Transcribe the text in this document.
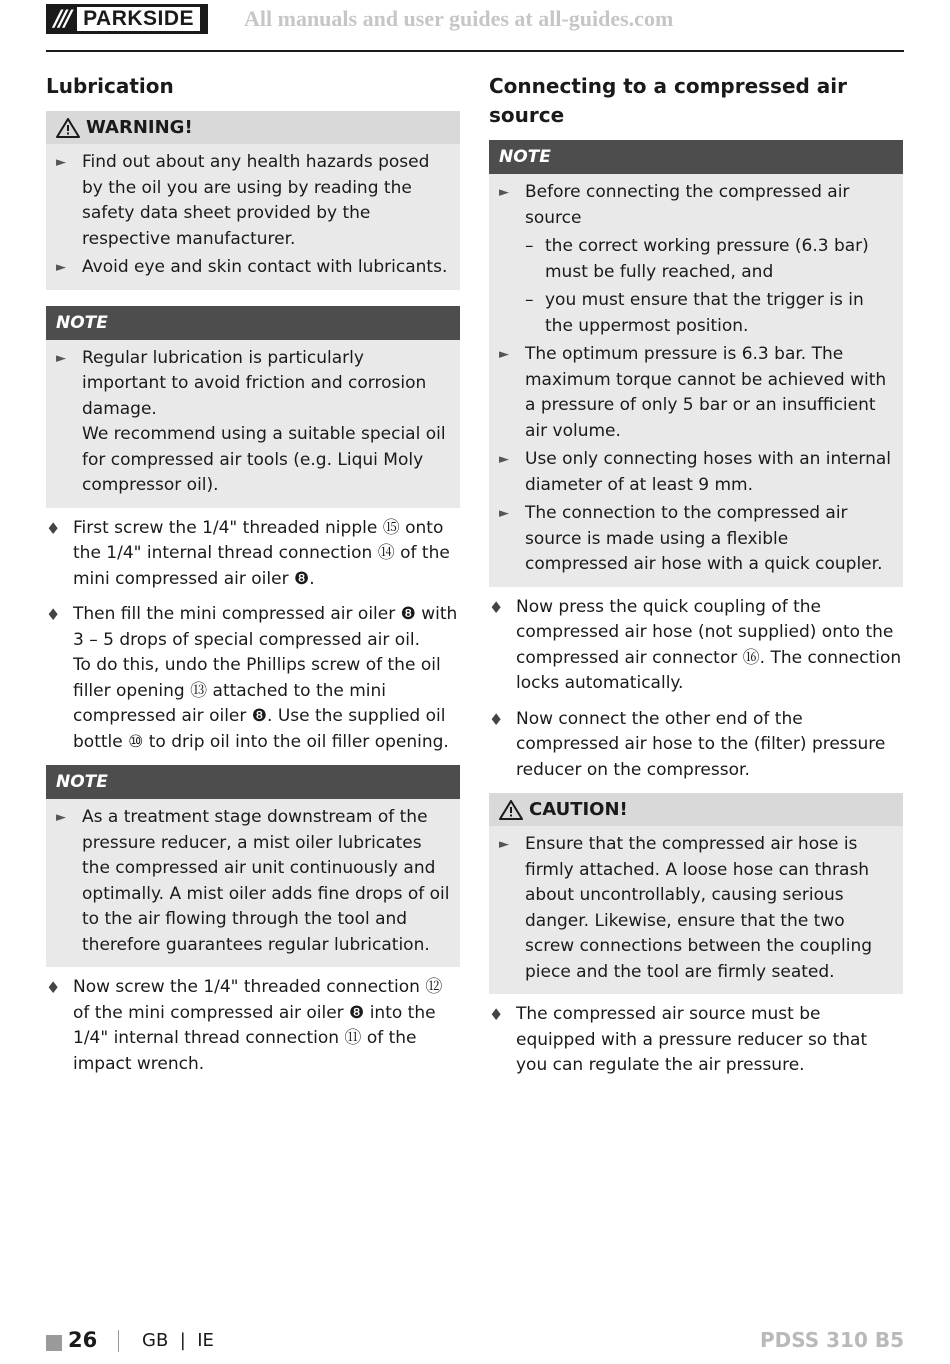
/// PARKSIDE All manuals and user guides at all-guides.com
Lubrication
WARNING!
► Find out about any health hazards posed by the oil you are using by reading the safety data sheet provided by the respective manufacturer.
► Avoid eye and skin contact with lubricants.
NOTE
► Regular lubrication is particularly important to avoid friction and corrosion damage.
We recommend using a suitable special oil for compressed air tools (e.g. Liqui Moly compressor oil).
♦ First screw the 1/4" threaded nipple ⑮ onto the 1/4" internal thread connection ⑭ of the mini compressed air oiler ❽.
♦ Then fill the mini compressed air oiler ❽ with 3 – 5 drops of special compressed air oil.
To do this, undo the Phillips screw of the oil filler opening ⑬ attached to the mini compressed air oiler ❽. Use the supplied oil bottle ⑩ to drip oil into the oil filler opening.
NOTE
► As a treatment stage downstream of the pressure reducer, a mist oiler lubricates the compressed air unit continuously and optimally. A mist oiler adds fine drops of oil to the air flowing through the tool and therefore guarantees regular lubrication.
♦ Now screw the 1/4" threaded connection ⑫ of the mini compressed air oiler ❽ into the 1/4" internal thread connection ⑪ of the impact wrench.
Connecting to a compressed air source
NOTE
► Before connecting the compressed air source
– the correct working pressure (6.3 bar) must be fully reached, and
– you must ensure that the trigger is in the uppermost position.
► The optimum pressure is 6.3 bar. The maximum torque cannot be achieved with a pressure of only 5 bar or an insufficient air volume.
► Use only connecting hoses with an internal diameter of at least 9 mm.
► The connection to the compressed air source is made using a flexible compressed air hose with a quick coupler.
♦ Now press the quick coupling of the compressed air hose (not supplied) onto the compressed air connector ⑯. The connection locks automatically.
♦ Now connect the other end of the compressed air hose to the (filter) pressure reducer on the compressor.
CAUTION!
► Ensure that the compressed air hose is firmly attached. A loose hose can thrash about uncontrollably, causing serious danger. Likewise, ensure that the two screw connections between the coupling piece and the tool are firmly seated.
♦ The compressed air source must be equipped with a pressure reducer so that you can regulate the air pressure.
26 GB  |  IE	PDSS 310 B5
